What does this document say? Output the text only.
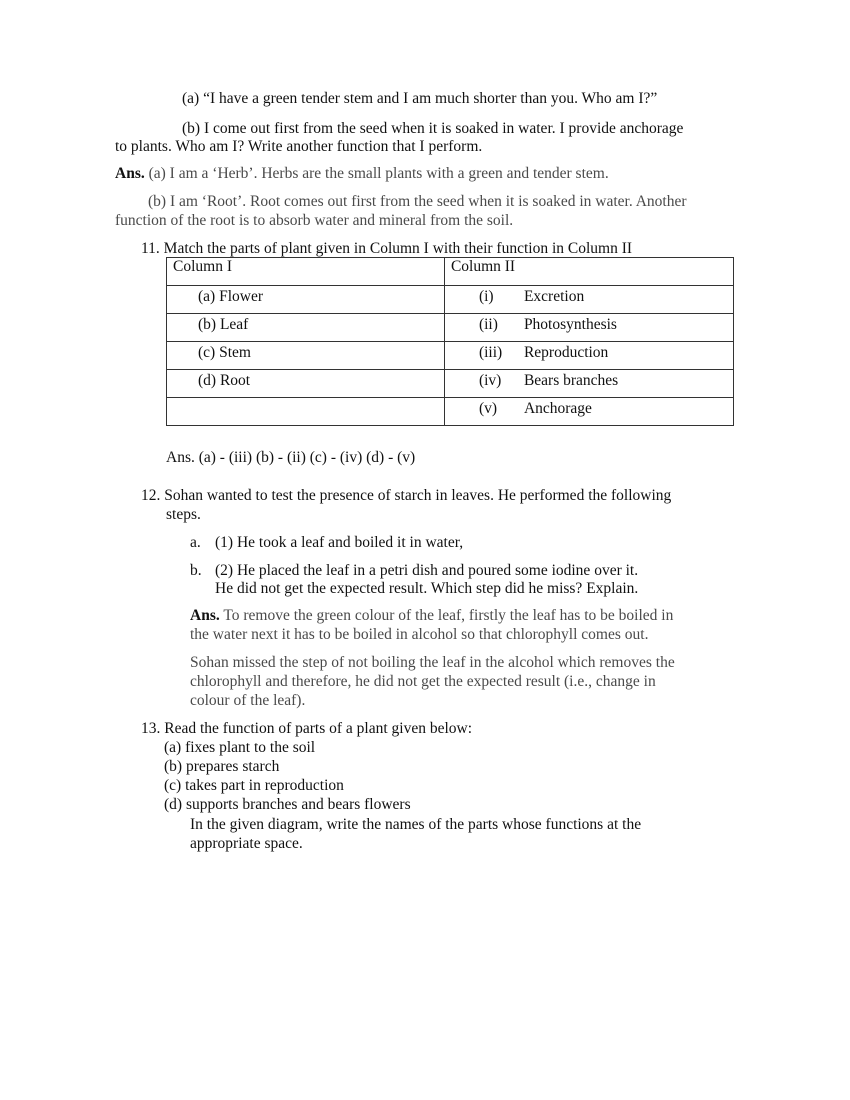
(a) “I have a green tender stem and I am much shorter than you. Who am I?”
(b) I come out first from the seed when it is soaked in water. I provide anchorage
to plants. Who am I? Write another function that I perform.
Ans. (a) I am a ‘Herb’. Herbs are the small plants with a green and tender stem.
(b) I am ‘Root’. Root comes out first from the seed when it is soaked in water. Another
function of the root is to absorb water and mineral from the soil.
11. Match the parts of plant given in Column I with their function in Column II
Column I	Column II
(a) Flower	(i) Excretion
(b) Leaf	(ii) Photosynthesis
(c) Stem	(iii) Reproduction
(d) Root	(iv) Bears branches
	(v) Anchorage
Ans. (a) - (iii) (b) - (ii) (c) - (iv) (d) - (v)
12. Sohan wanted to test the presence of starch in leaves. He performed the following
steps.
a. (1) He took a leaf and boiled it in water,
b. (2) He placed the leaf in a petri dish and poured some iodine over it.
He did not get the expected result. Which step did he miss? Explain.
Ans. To remove the green colour of the leaf, firstly the leaf has to be boiled in
the water next it has to be boiled in alcohol so that chlorophyll comes out.
Sohan missed the step of not boiling the leaf in the alcohol which removes the
chlorophyll and therefore, he did not get the expected result (i.e., change in
colour of the leaf).
13. Read the function of parts of a plant given below:
(a) fixes plant to the soil
(b) prepares starch
(c) takes part in reproduction
(d) supports branches and bears flowers
In the given diagram, write the names of the parts whose functions at the
appropriate space.
